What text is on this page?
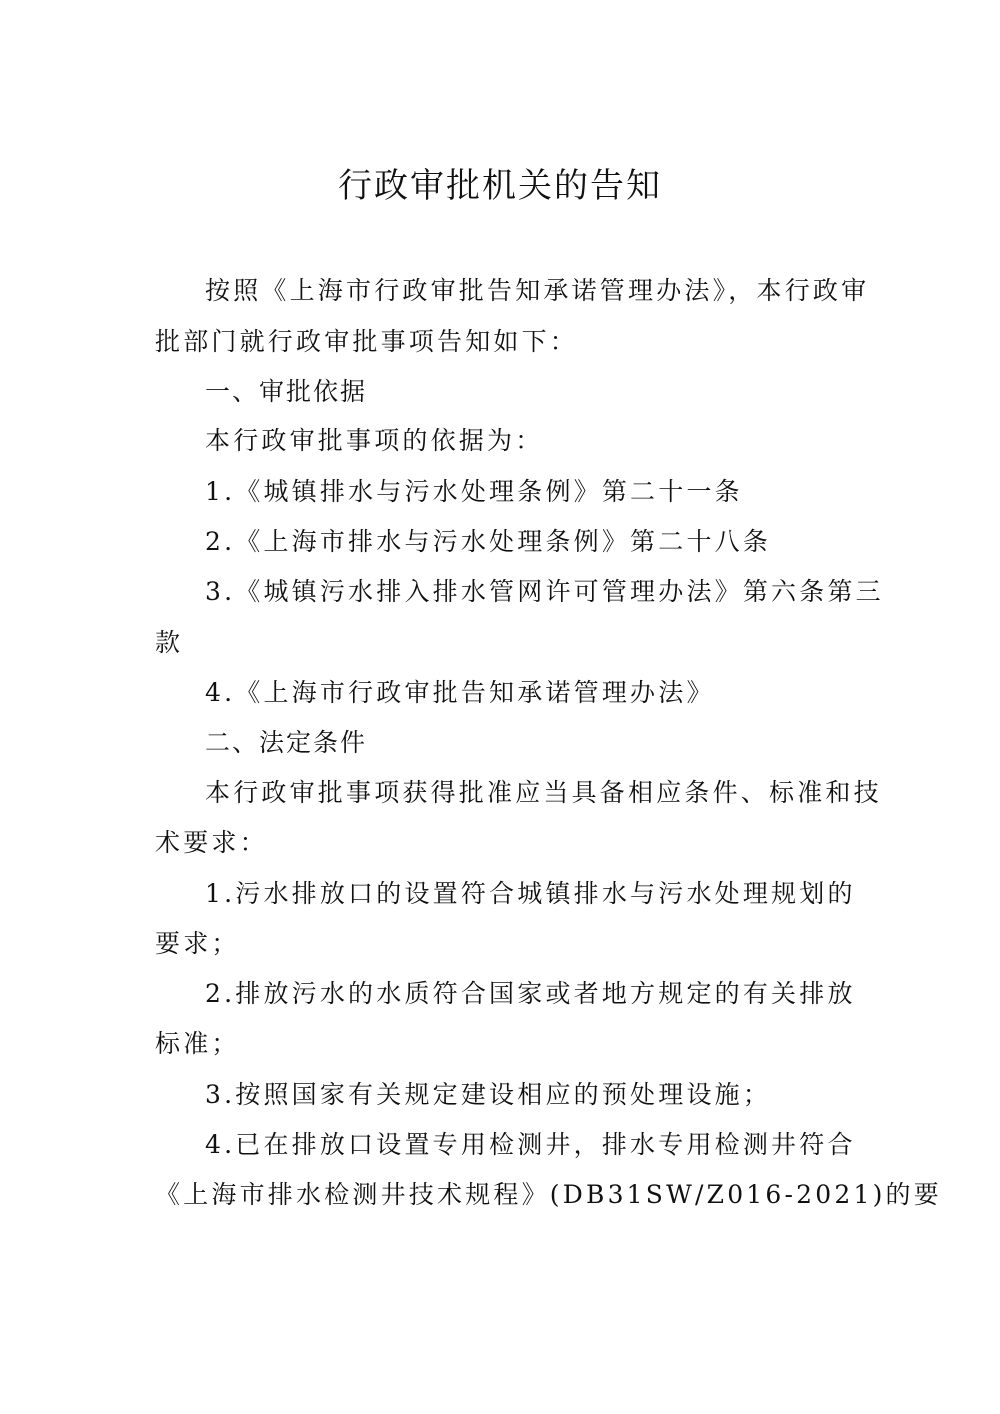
行政审批机关的告知

按照《上海市行政审批告知承诺管理办法》，本行政审

批部门就行政审批事项告知如下：

一、审批依据

本行政审批事项的依据为：

1.《城镇排水与污水处理条例》第二十一条

2.《上海市排水与污水处理条例》第二十八条

3.《城镇污水排入排水管网许可管理办法》第六条第三

款

4.《上海市行政审批告知承诺管理办法》

二、法定条件

本行政审批事项获得批准应当具备相应条件、标准和技

术要求：

1.污水排放口的设置符合城镇排水与污水处理规划的

要求；

2.排放污水的水质符合国家或者地方规定的有关排放

标准；

3.按照国家有关规定建设相应的预处理设施；

4.已在排放口设置专用检测井，排水专用检测井符合

《上海市排水检测井技术规程》(DB31SW/Z016-2021)的要
